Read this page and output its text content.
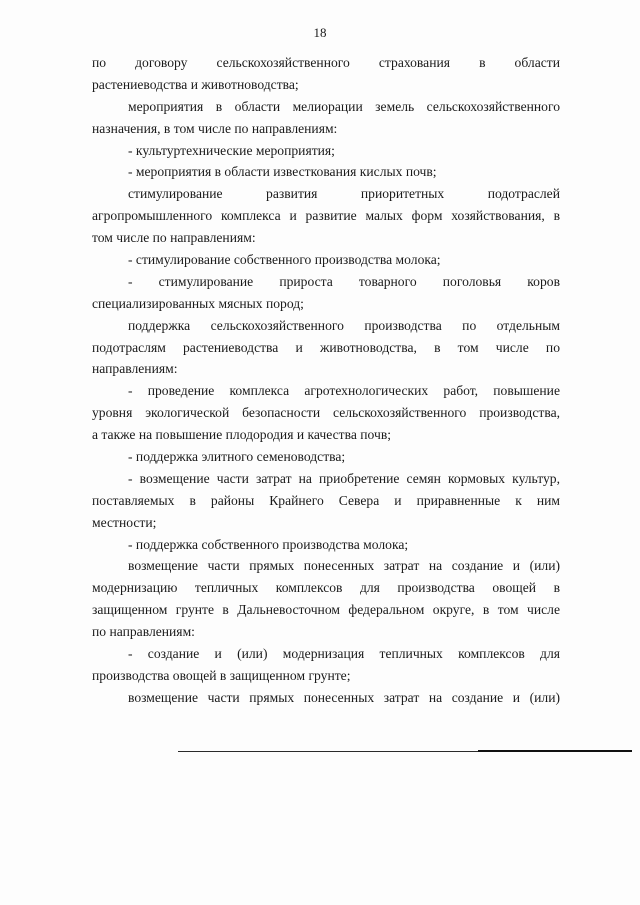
18
по договору сельскохозяйственного страхования в области
растениеводства и животноводства;
мероприятия в области мелиорации земель сельскохозяйственного
назначения, в том числе по направлениям:
- культуртехнические мероприятия;
- мероприятия в области известкования кислых почв;
стимулирование развития приоритетных подотраслей
агропромышленного комплекса и развитие малых форм хозяйствования, в
том числе по направлениям:
- стимулирование собственного производства молока;
- стимулирование прироста товарного поголовья коров
специализированных мясных пород;
поддержка сельскохозяйственного производства по отдельным
подотраслям растениеводства и животноводства, в том числе по
направлениям:
- проведение комплекса агротехнологических работ, повышение
уровня экологической безопасности сельскохозяйственного производства,
а также на повышение плодородия и качества почв;
- поддержка элитного семеноводства;
- возмещение части затрат на приобретение семян кормовых культур,
поставляемых в районы Крайнего Севера и приравненные к ним
местности;
- поддержка собственного производства молока;
возмещение части прямых понесенных затрат на создание и (или)
модернизацию тепличных комплексов для производства овощей в
защищенном грунте в Дальневосточном федеральном округе, в том числе
по направлениям:
- создание и (или) модернизация тепличных комплексов для
производства овощей в защищенном грунте;
возмещение части прямых понесенных затрат на создание и (или)
